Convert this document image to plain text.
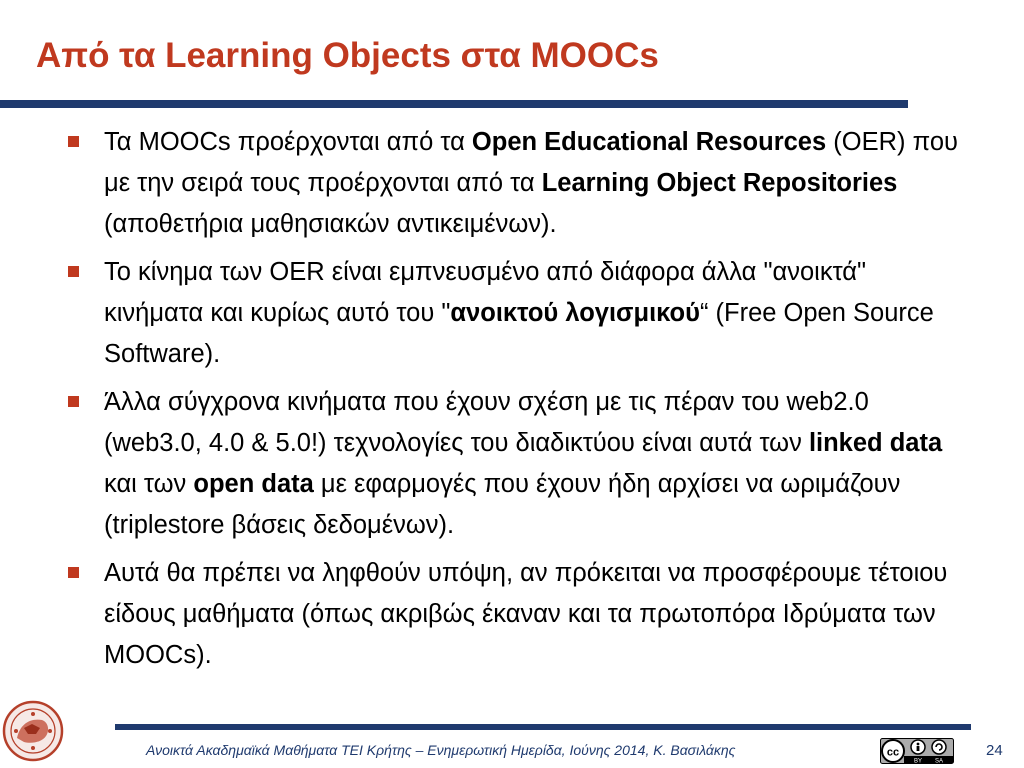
Από τα Learning Objects στα MOOCs
Τα MOOCs προέρχονται από τα Open Educational Resources (OER) που με την σειρά τους προέρχονται από τα Learning Object Repositories (αποθετήρια μαθησιακών αντικειμένων).
Το κίνημα των OER είναι εμπνευσμένο από διάφορα άλλα "ανοικτά" κινήματα και κυρίως αυτό του "ανοικτού λογισμικού“ (Free Open Source Software).
Άλλα σύγχρονα κινήματα που έχουν σχέση με τις πέραν του web2.0 (web3.0, 4.0 & 5.0!) τεχνολογίες του διαδικτύου είναι αυτά των linked data  και των open data με εφαρμογές που έχουν ήδη αρχίσει να ωριμάζουν (triplestore βάσεις δεδομένων).
Αυτά θα πρέπει να ληφθούν υπόψη, αν πρόκειται να προσφέρουμε τέτοιου είδους μαθήματα (όπως ακριβώς έκαναν και τα πρωτοπόρα Ιδρύματα των MOOCs).
Ανοικτά Ακαδημαϊκά Μαθήματα ΤΕΙ Κρήτης – Ενημερωτική Ημερίδα, Ιούνης 2014, Κ. Βασιλάκης	cc
BY SA
24
